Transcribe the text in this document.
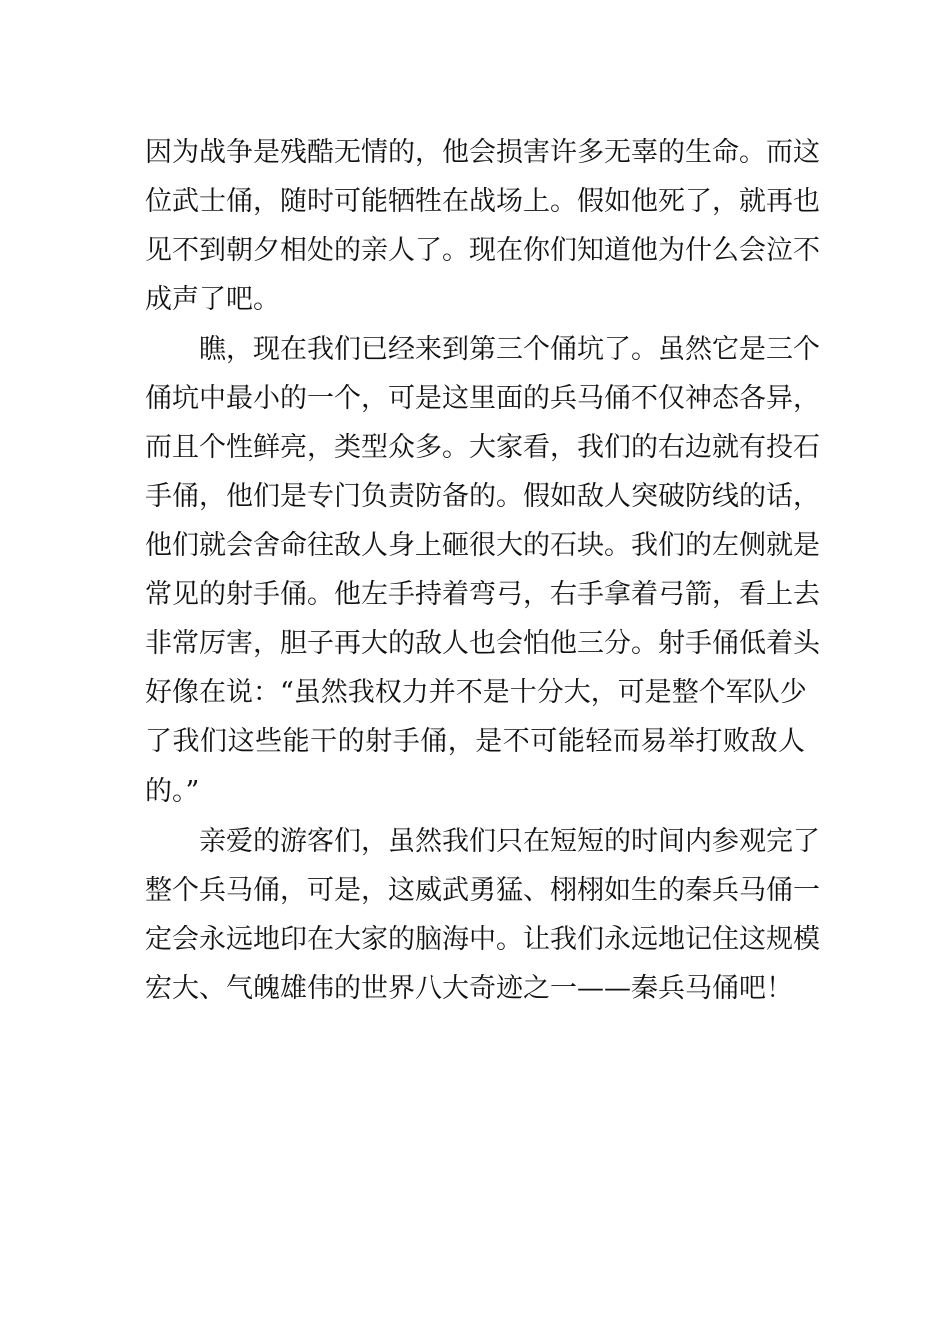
因为战争是残酷无情的，他会损害许多无辜的生命。而这
位武士俑，随时可能牺牲在战场上。假如他死了，就再也
见不到朝夕相处的亲人了。现在你们知道他为什么会泣不
成声了吧。
瞧，现在我们已经来到第三个俑坑了。虽然它是三个
俑坑中最小的一个，可是这里面的兵马俑不仅神态各异，
而且个性鲜亮，类型众多。大家看，我们的右边就有投石
手俑，他们是专门负责防备的。假如敌人突破防线的话，
他们就会舍命往敌人身上砸很大的石块。我们的左侧就是
常见的射手俑。他左手持着弯弓，右手拿着弓箭，看上去
非常厉害，胆子再大的敌人也会怕他三分。射手俑低着头
好像在说：“虽然我权力并不是十分大，可是整个军队少
了我们这些能干的射手俑，是不可能轻而易举打败敌人
的。”
亲爱的游客们，虽然我们只在短短的时间内参观完了
整个兵马俑，可是，这威武勇猛、栩栩如生的秦兵马俑一
定会永远地印在大家的脑海中。让我们永远地记住这规模
宏大、气魄雄伟的世界八大奇迹之一——秦兵马俑吧！
